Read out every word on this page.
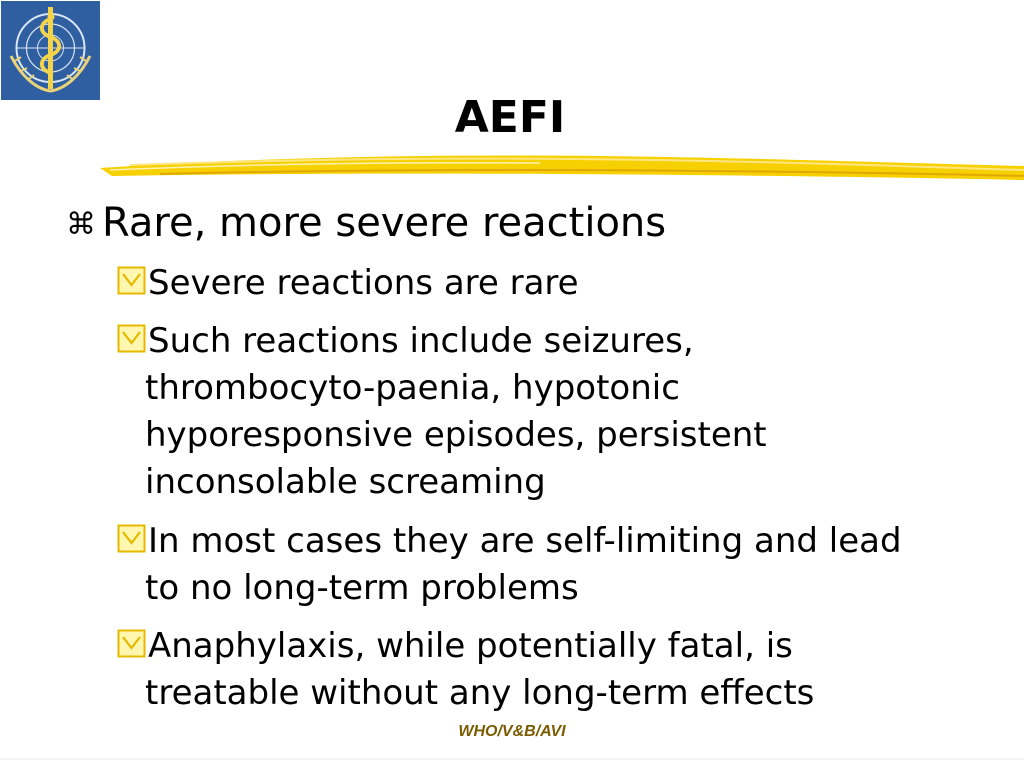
AEFI
⌘ Rare, more severe reactions
Severe reactions are rare
Such reactions include seizures,
thrombocyto-paenia, hypotonic
hyporesponsive episodes, persistent
inconsolable screaming
In most cases they are self-limiting and lead
to no long-term problems
Anaphylaxis, while potentially fatal, is
treatable without any long-term effects
WHO/V&B/AVI
